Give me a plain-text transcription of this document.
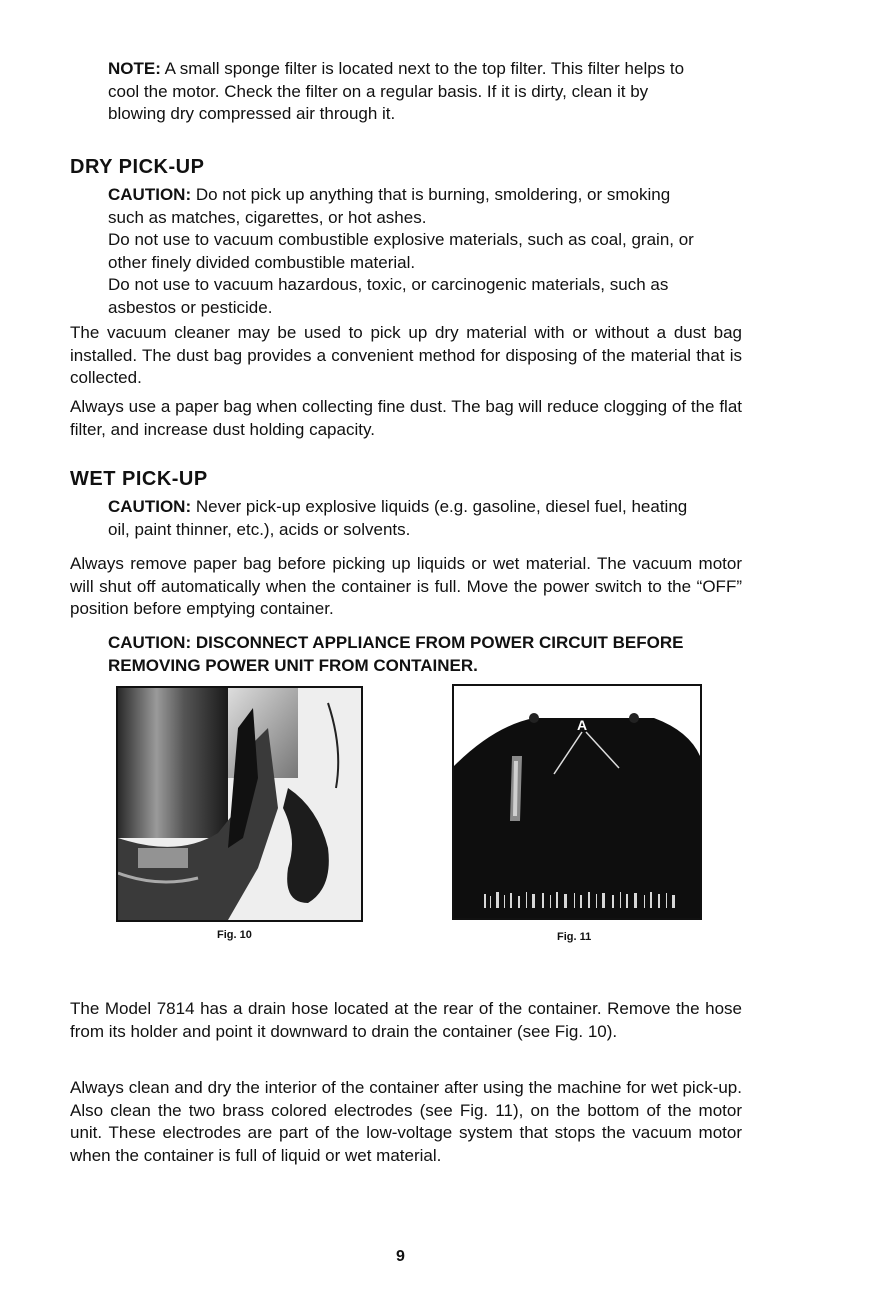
NOTE: A small sponge filter is located next to the top filter. This filter helps to cool the motor. Check the filter on a regular basis. If it is dirty, clean it by blowing dry compressed air through it.

DRY PICK-UP

CAUTION: Do not pick up anything that is burning, smoldering, or smoking such as matches, cigarettes, or hot ashes.

Do not use to vacuum combustible explosive materials, such as coal, grain, or other finely divided combustible material.

Do not use to vacuum hazardous, toxic, or carcinogenic materials, such as asbestos or pesticide.

The vacuum cleaner may be used to pick up dry material with or without a dust bag installed. The dust bag provides a convenient method for disposing of the material that is collected.

Always use a paper bag when collecting fine dust. The bag will reduce clogging of the flat filter, and increase dust holding capacity.

WET PICK-UP

CAUTION: Never pick-up explosive liquids (e.g. gasoline, diesel fuel, heating oil, paint thinner, etc.), acids or solvents.

Always remove paper bag before picking up liquids or wet material. The vacuum motor will shut off automatically when the container is full. Move the power switch to the “OFF” position before emptying container.

CAUTION: DISCONNECT APPLIANCE FROM POWER CIRCUIT BEFORE REMOVING POWER UNIT FROM CONTAINER.

Fig. 10

A

Fig. 11

The Model 7814 has a drain hose located at the rear of the container. Remove the hose from its holder and point it downward to drain the container (see Fig. 10).

Always clean and dry the interior of the container after using the machine for wet pick-up. Also clean the two brass colored electrodes (see Fig. 11), on the bottom of the motor unit. These electrodes are part of the low-voltage system that stops the vacuum motor when the container is full of liquid or wet material.

9
